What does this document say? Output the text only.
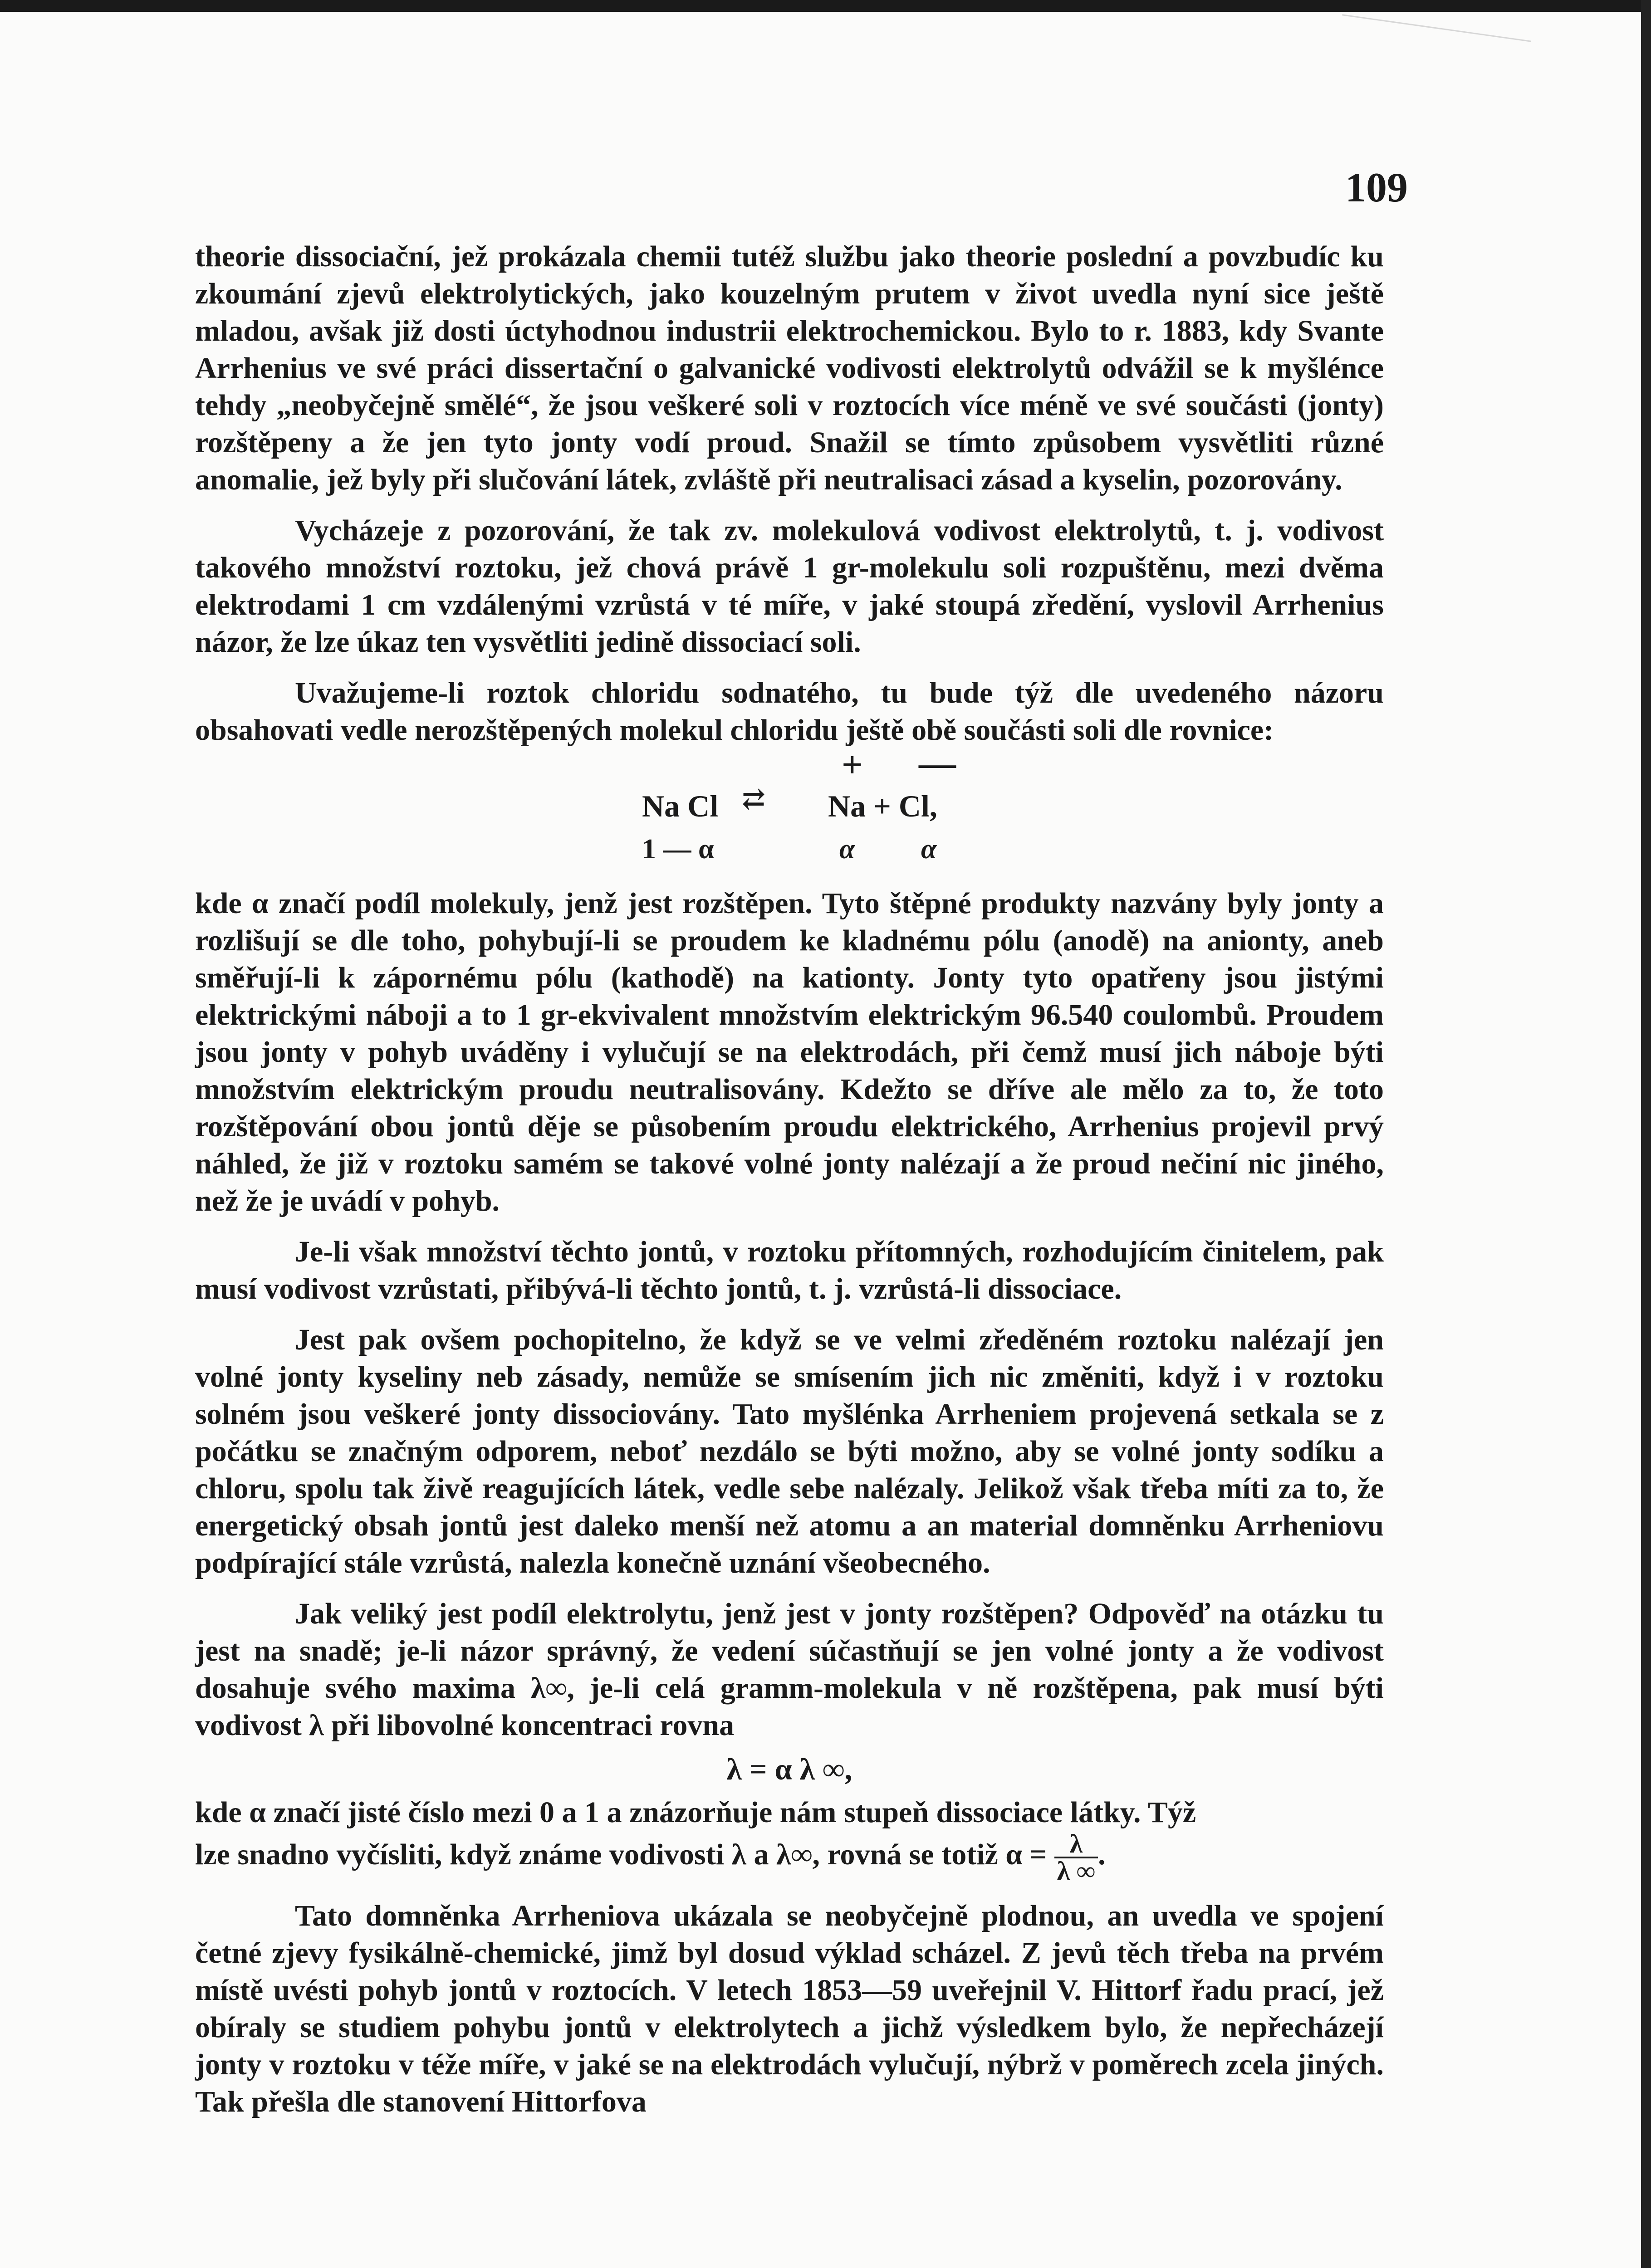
109

theorie dissociační, jež prokázala chemii tutéž službu jako theorie poslední a povzbudíc ku zkoumání zjevů elektrolytických, jako kouzelným prutem v život uvedla nyní sice ještě mladou, avšak již dosti úctyhodnou industrii elektrochemickou. Bylo to r. 1883, kdy Svante Arrhenius ve své práci dissertační o galvanické vodivosti elektrolytů odvážil se k myšlénce tehdy „neobyčejně smělé“, že jsou veškeré soli v roztocích více méně ve své součásti (jonty) rozštěpeny a že jen tyto jonty vodí proud. Snažil se tímto způsobem vysvětliti různé anomalie, jež byly při slučování látek, zvláště při neutralisaci zásad a kyselin, pozorovány.

Vycházeje z pozorování, že tak zv. molekulová vodivost elektrolytů, t. j. vodivost takového množství roztoku, jež chová právě 1 gr-molekulu soli rozpuštěnu, mezi dvěma elektrodami 1 cm vzdálenými vzrůstá v té míře, v jaké stoupá zředění, vyslovil Arrhenius názor, že lze úkaz ten vysvětliti jedině dissociací soli.

Uvažujeme-li roztok chloridu sodnatého, tu bude týž dle uvedeného názoru obsahovati vedle nerozštěpených molekul chloridu ještě obě součásti soli dle rovnice:

+ —
Na Cl ⇄ Na + Cl,
1 — α	α α

kde α značí podíl molekuly, jenž jest rozštěpen. Tyto štěpné produkty nazvány byly jonty a rozlišují se dle toho, pohybují-li se proudem ke kladnému pólu (anodě) na anionty, aneb směřují-li k zápornému pólu (kathodě) na kationty. Jonty tyto opatřeny jsou jistými elektrickými náboji a to 1 gr-ekvivalent množstvím elektrickým 96.540 coulombů. Proudem jsou jonty v pohyb uváděny i vylučují se na elektrodách, při čemž musí jich náboje býti množstvím elektrickým proudu neutralisovány. Kdežto se dříve ale mělo za to, že toto rozštěpování obou jontů děje se působením proudu elektrického, Arrhenius projevil prvý náhled, že již v roztoku samém se takové volné jonty nalézají a že proud nečiní nic jiného, než že je uvádí v pohyb.

Je-li však množství těchto jontů, v roztoku přítomných, rozhodujícím činitelem, pak musí vodivost vzrůstati, přibývá-li těchto jontů, t. j. vzrůstá-li dissociace.

Jest pak ovšem pochopitelno, že když se ve velmi zředěném roztoku nalézají jen volné jonty kyseliny neb zásady, nemůže se smísením jich nic změniti, když i v roztoku solném jsou veškeré jonty dissociovány. Tato myšlénka Arrheniem projevená setkala se z počátku se značným odporem, neboť nezdálo se býti možno, aby se volné jonty sodíku a chloru, spolu tak živě reagujících látek, vedle sebe nalézaly. Jelikož však třeba míti za to, že energetický obsah jontů jest daleko menší než atomu a an material domněnku Arrheniovu podpírající stále vzrůstá, nalezla konečně uznání všeobecného.

Jak veliký jest podíl elektrolytu, jenž jest v jonty rozštěpen? Odpověď na otázku tu jest na snadě; je-li názor správný, že vedení súčastňují se jen volné jonty a že vodivost dosahuje svého maxima λ∞, je-li celá gramm-molekula v ně rozštěpena, pak musí býti vodivost λ při libovolné koncentraci rovna

λ = α λ ∞,

kde α značí jisté číslo mezi 0 a 1 a znázorňuje nám stupeň dissociace látky. Týž

lze snadno vyčísliti, když známe vodivosti λ a λ∞, rovná se totiž $\alpha = \frac{\lambda}{\lambda \infty}$ .

Tato domněnka Arrheniova ukázala se neobyčejně plodnou, an uvedla ve spojení četné zjevy fysikálně-chemické, jimž byl dosud výklad scházel. Z jevů těch třeba na prvém místě uvésti pohyb jontů v roztocích. V letech 1853—59 uveřejnil V. Hittorf řadu prací, jež obíraly se studiem pohybu jontů v elektrolytech a jichž výsledkem bylo, že nepřecházejí jonty v roztoku v téže míře, v jaké se na elektrodách vylučují, nýbrž v poměrech zcela jiných. Tak přešla dle stanovení Hittorfova
